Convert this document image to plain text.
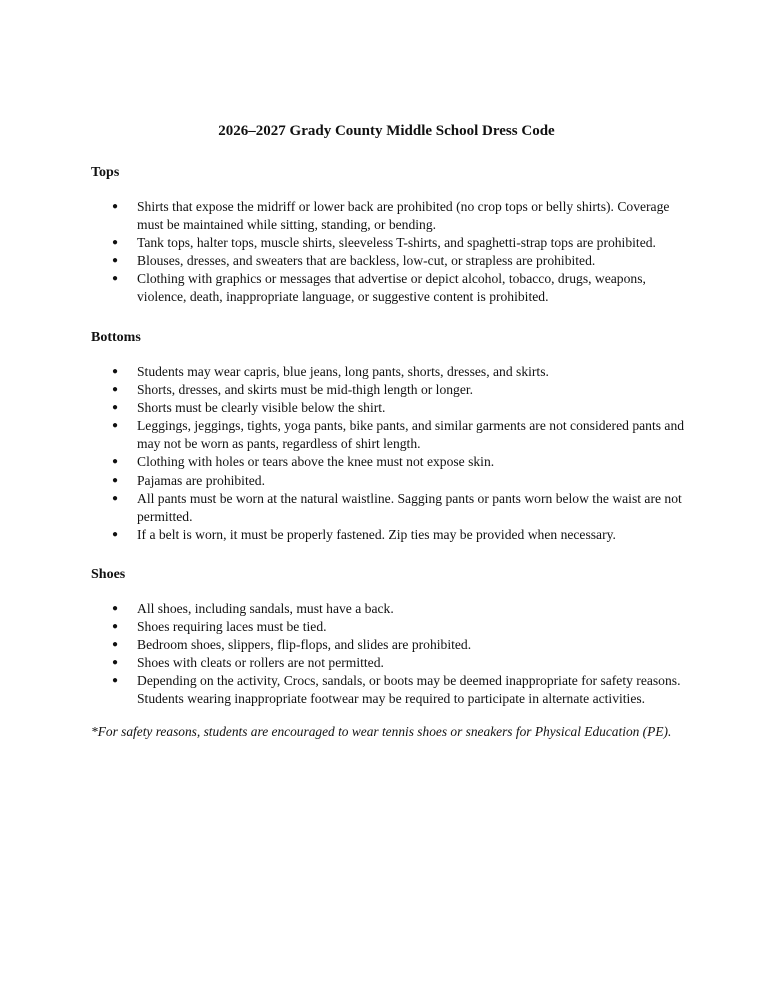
2026–2027 Grady County Middle School Dress Code
Tops
● Shirts that expose the midriff or lower back are prohibited (no crop tops or belly shirts). Coverage must be maintained while sitting, standing, or bending.
● Tank tops, halter tops, muscle shirts, sleeveless T-shirts, and spaghetti-strap tops are prohibited.
● Blouses, dresses, and sweaters that are backless, low-cut, or strapless are prohibited.
● Clothing with graphics or messages that advertise or depict alcohol, tobacco, drugs, weapons, violence, death, inappropriate language, or suggestive content is prohibited.
Bottoms
● Students may wear capris, blue jeans, long pants, shorts, dresses, and skirts.
● Shorts, dresses, and skirts must be mid-thigh length or longer.
● Shorts must be clearly visible below the shirt.
● Leggings, jeggings, tights, yoga pants, bike pants, and similar garments are not considered pants and may not be worn as pants, regardless of shirt length.
● Clothing with holes or tears above the knee must not expose skin.
● Pajamas are prohibited.
● All pants must be worn at the natural waistline. Sagging pants or pants worn below the waist are not permitted.
● If a belt is worn, it must be properly fastened. Zip ties may be provided when necessary.
Shoes
● All shoes, including sandals, must have a back.
● Shoes requiring laces must be tied.
● Bedroom shoes, slippers, flip-flops, and slides are prohibited.
● Shoes with cleats or rollers are not permitted.
● Depending on the activity, Crocs, sandals, or boots may be deemed inappropriate for safety reasons. Students wearing inappropriate footwear may be required to participate in alternate activities.
*For safety reasons, students are encouraged to wear tennis shoes or sneakers for Physical Education (PE).
